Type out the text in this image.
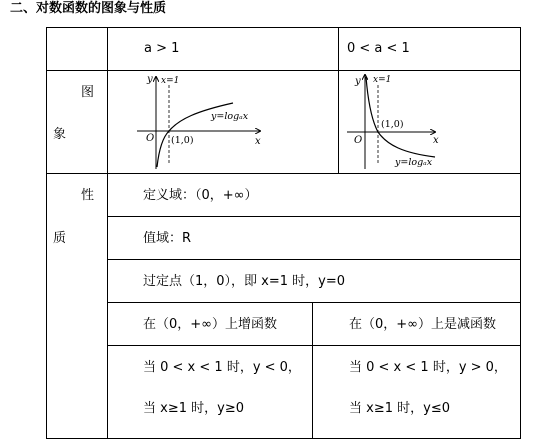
二、对数函数的图象与性质
a > 1	0 < a < 1
图
象
y
x
O
x=1
(1,0)
y=logₐx
y
x
O
x=1
(1,0)
y=logₐx
性
质
定义域：（0，+∞）
值域：R
过定点（1，0），即 x=1 时，y=0
在（0，+∞）上增函数	在（0，+∞）上是减函数
当 0 < x < 1 时，y < 0，
当 x≥1 时，y≥0
当 0 < x < 1 时，y > 0，
当 x≥1 时，y≤0
